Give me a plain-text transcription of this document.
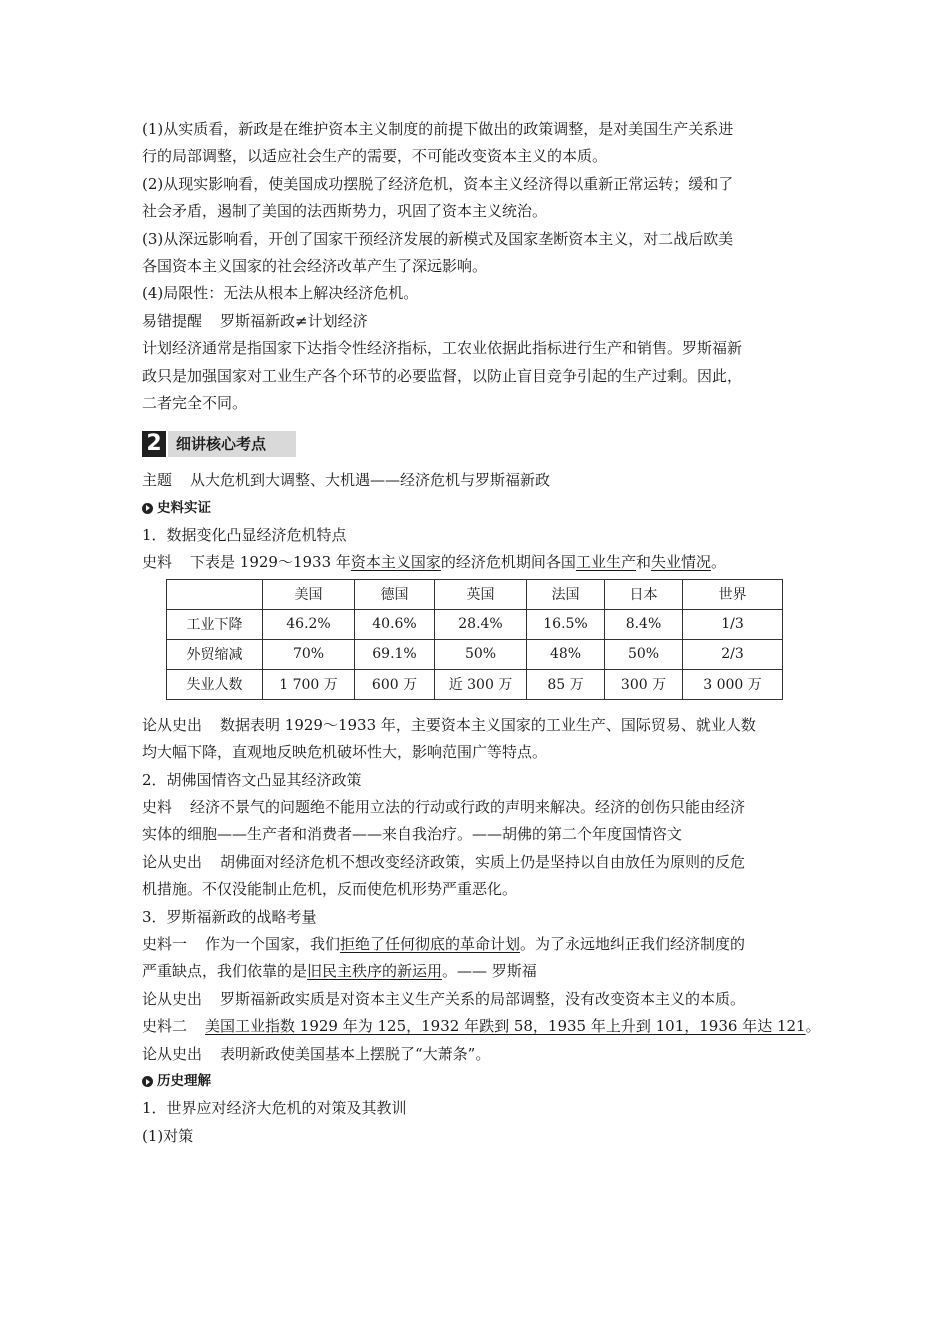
(1)从实质看，新政是在维护资本主义制度的前提下做出的政策调整，是对美国生产关系进
行的局部调整，以适应社会生产的需要，不可能改变资本主义的本质。
(2)从现实影响看，使美国成功摆脱了经济危机，资本主义经济得以重新正常运转；缓和了
社会矛盾，遏制了美国的法西斯势力，巩固了资本主义统治。
(3)从深远影响看，开创了国家干预经济发展的新模式及国家垄断资本主义，对二战后欧美
各国资本主义国家的社会经济改革产生了深远影响。
(4)局限性：无法从根本上解决经济危机。
易错提醒 罗斯福新政≠计划经济
计划经济通常是指国家下达指令性经济指标，工农业依据此指标进行生产和销售。罗斯福新
政只是加强国家对工业生产各个环节的必要监督，以防止盲目竞争引起的生产过剩。因此，
二者完全不同。
2 细讲核心考点
主题 从大危机到大调整、大机遇——经济危机与罗斯福新政
史料实证
1．数据变化凸显经济危机特点
史料 下表是 1929～1933 年资本主义国家的经济危机期间各国工业生产和失业情况。
	美国	德国	英国	法国	日本	世界
工业下降	46.2%	40.6%	28.4%	16.5%	8.4%	1/3
外贸缩减	70%	69.1%	50%	48%	50%	2/3
失业人数	1 700 万	600 万	近 300 万	85 万	300 万	3 000 万
论从史出 数据表明 1929～1933 年，主要资本主义国家的工业生产、国际贸易、就业人数
均大幅下降，直观地反映危机破坏性大，影响范围广等特点。
2．胡佛国情咨文凸显其经济政策
史料 经济不景气的问题绝不能用立法的行动或行政的声明来解决。经济的创伤只能由经济
实体的细胞——生产者和消费者——来自我治疗。——胡佛的第二个年度国情咨文
论从史出 胡佛面对经济危机不想改变经济政策，实质上仍是坚持以自由放任为原则的反危
机措施。不仅没能制止危机，反而使危机形势严重恶化。
3．罗斯福新政的战略考量
史料一 作为一个国家，我们拒绝了任何彻底的革命计划。为了永远地纠正我们经济制度的
严重缺点，我们依靠的是旧民主秩序的新运用。—— 罗斯福
论从史出 罗斯福新政实质是对资本主义生产关系的局部调整，没有改变资本主义的本质。
史料二 美国工业指数 1929 年为 125，1932 年跌到 58，1935 年上升到 101，1936 年达 121。
论从史出 表明新政使美国基本上摆脱了“大萧条”。
历史理解
1．世界应对经济大危机的对策及其教训
(1)对策
